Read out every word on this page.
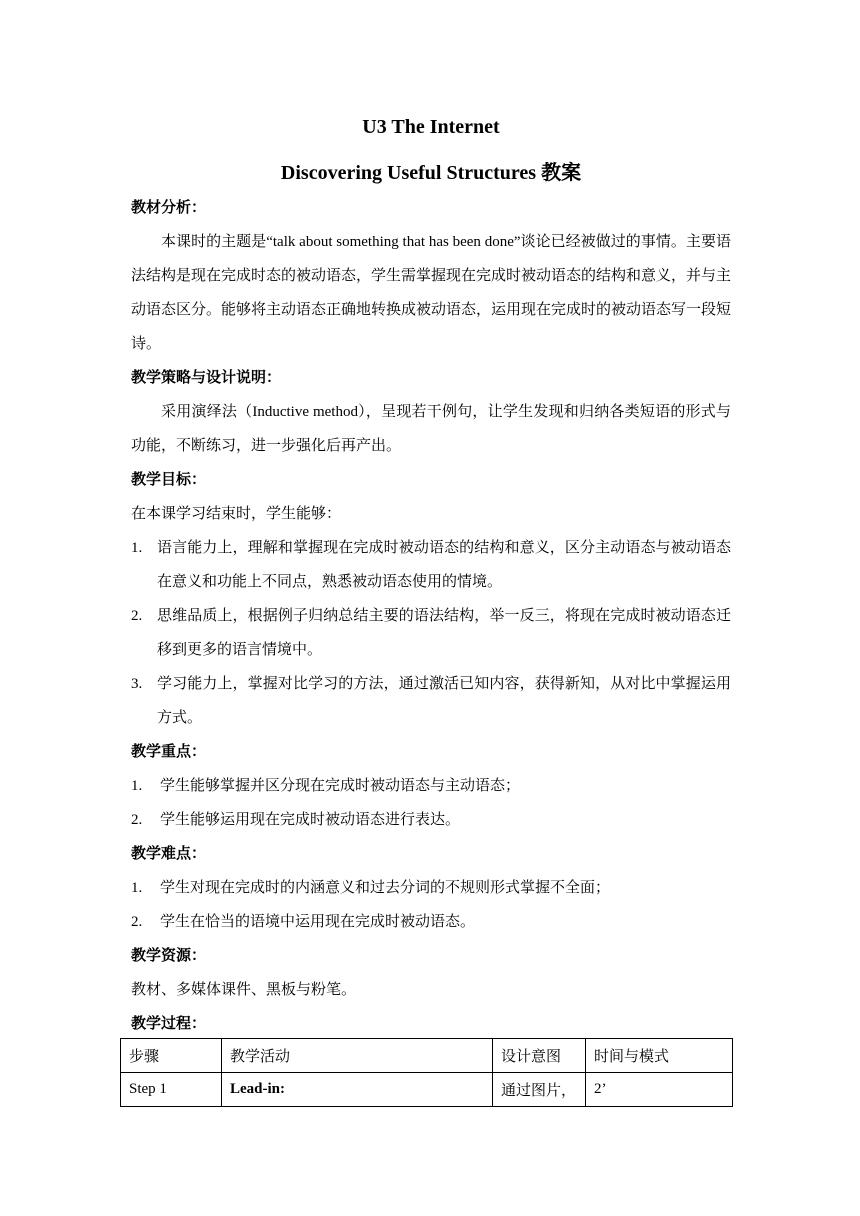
U3 The Internet

Discovering Useful Structures 教案

教材分析：

本课时的主题是“talk about something that has been done”谈论已经被做过的事情。主要语法结构是现在完成时态的被动语态，学生需掌握现在完成时被动语态的结构和意义，并与主动语态区分。能够将主动语态正确地转换成被动语态，运用现在完成时的被动语态写一段短诗。

教学策略与设计说明：

采用演绎法（Inductive method），呈现若干例句，让学生发现和归纳各类短语的形式与功能，不断练习，进一步强化后再产出。

教学目标：

在本课学习结束时，学生能够：

1. 语言能力上，理解和掌握现在完成时被动语态的结构和意义，区分主动语态与被动语态在意义和功能上不同点，熟悉被动语态使用的情境。
2. 思维品质上，根据例子归纳总结主要的语法结构，举一反三，将现在完成时被动语态迁移到更多的语言情境中。
3. 学习能力上，掌握对比学习的方法，通过激活已知内容，获得新知，从对比中掌握运用方式。

教学重点：

1. 学生能够掌握并区分现在完成时被动语态与主动语态；
2. 学生能够运用现在完成时被动语态进行表达。

教学难点：

1. 学生对现在完成时的内涵意义和过去分词的不规则形式掌握不全面；
2. 学生在恰当的语境中运用现在完成时被动语态。

教学资源：

教材、多媒体课件、黑板与粉笔。

教学过程：

步骤	教学活动	设计意图	时间与模式
Step 1	Lead-in:	通过图片，	2’
